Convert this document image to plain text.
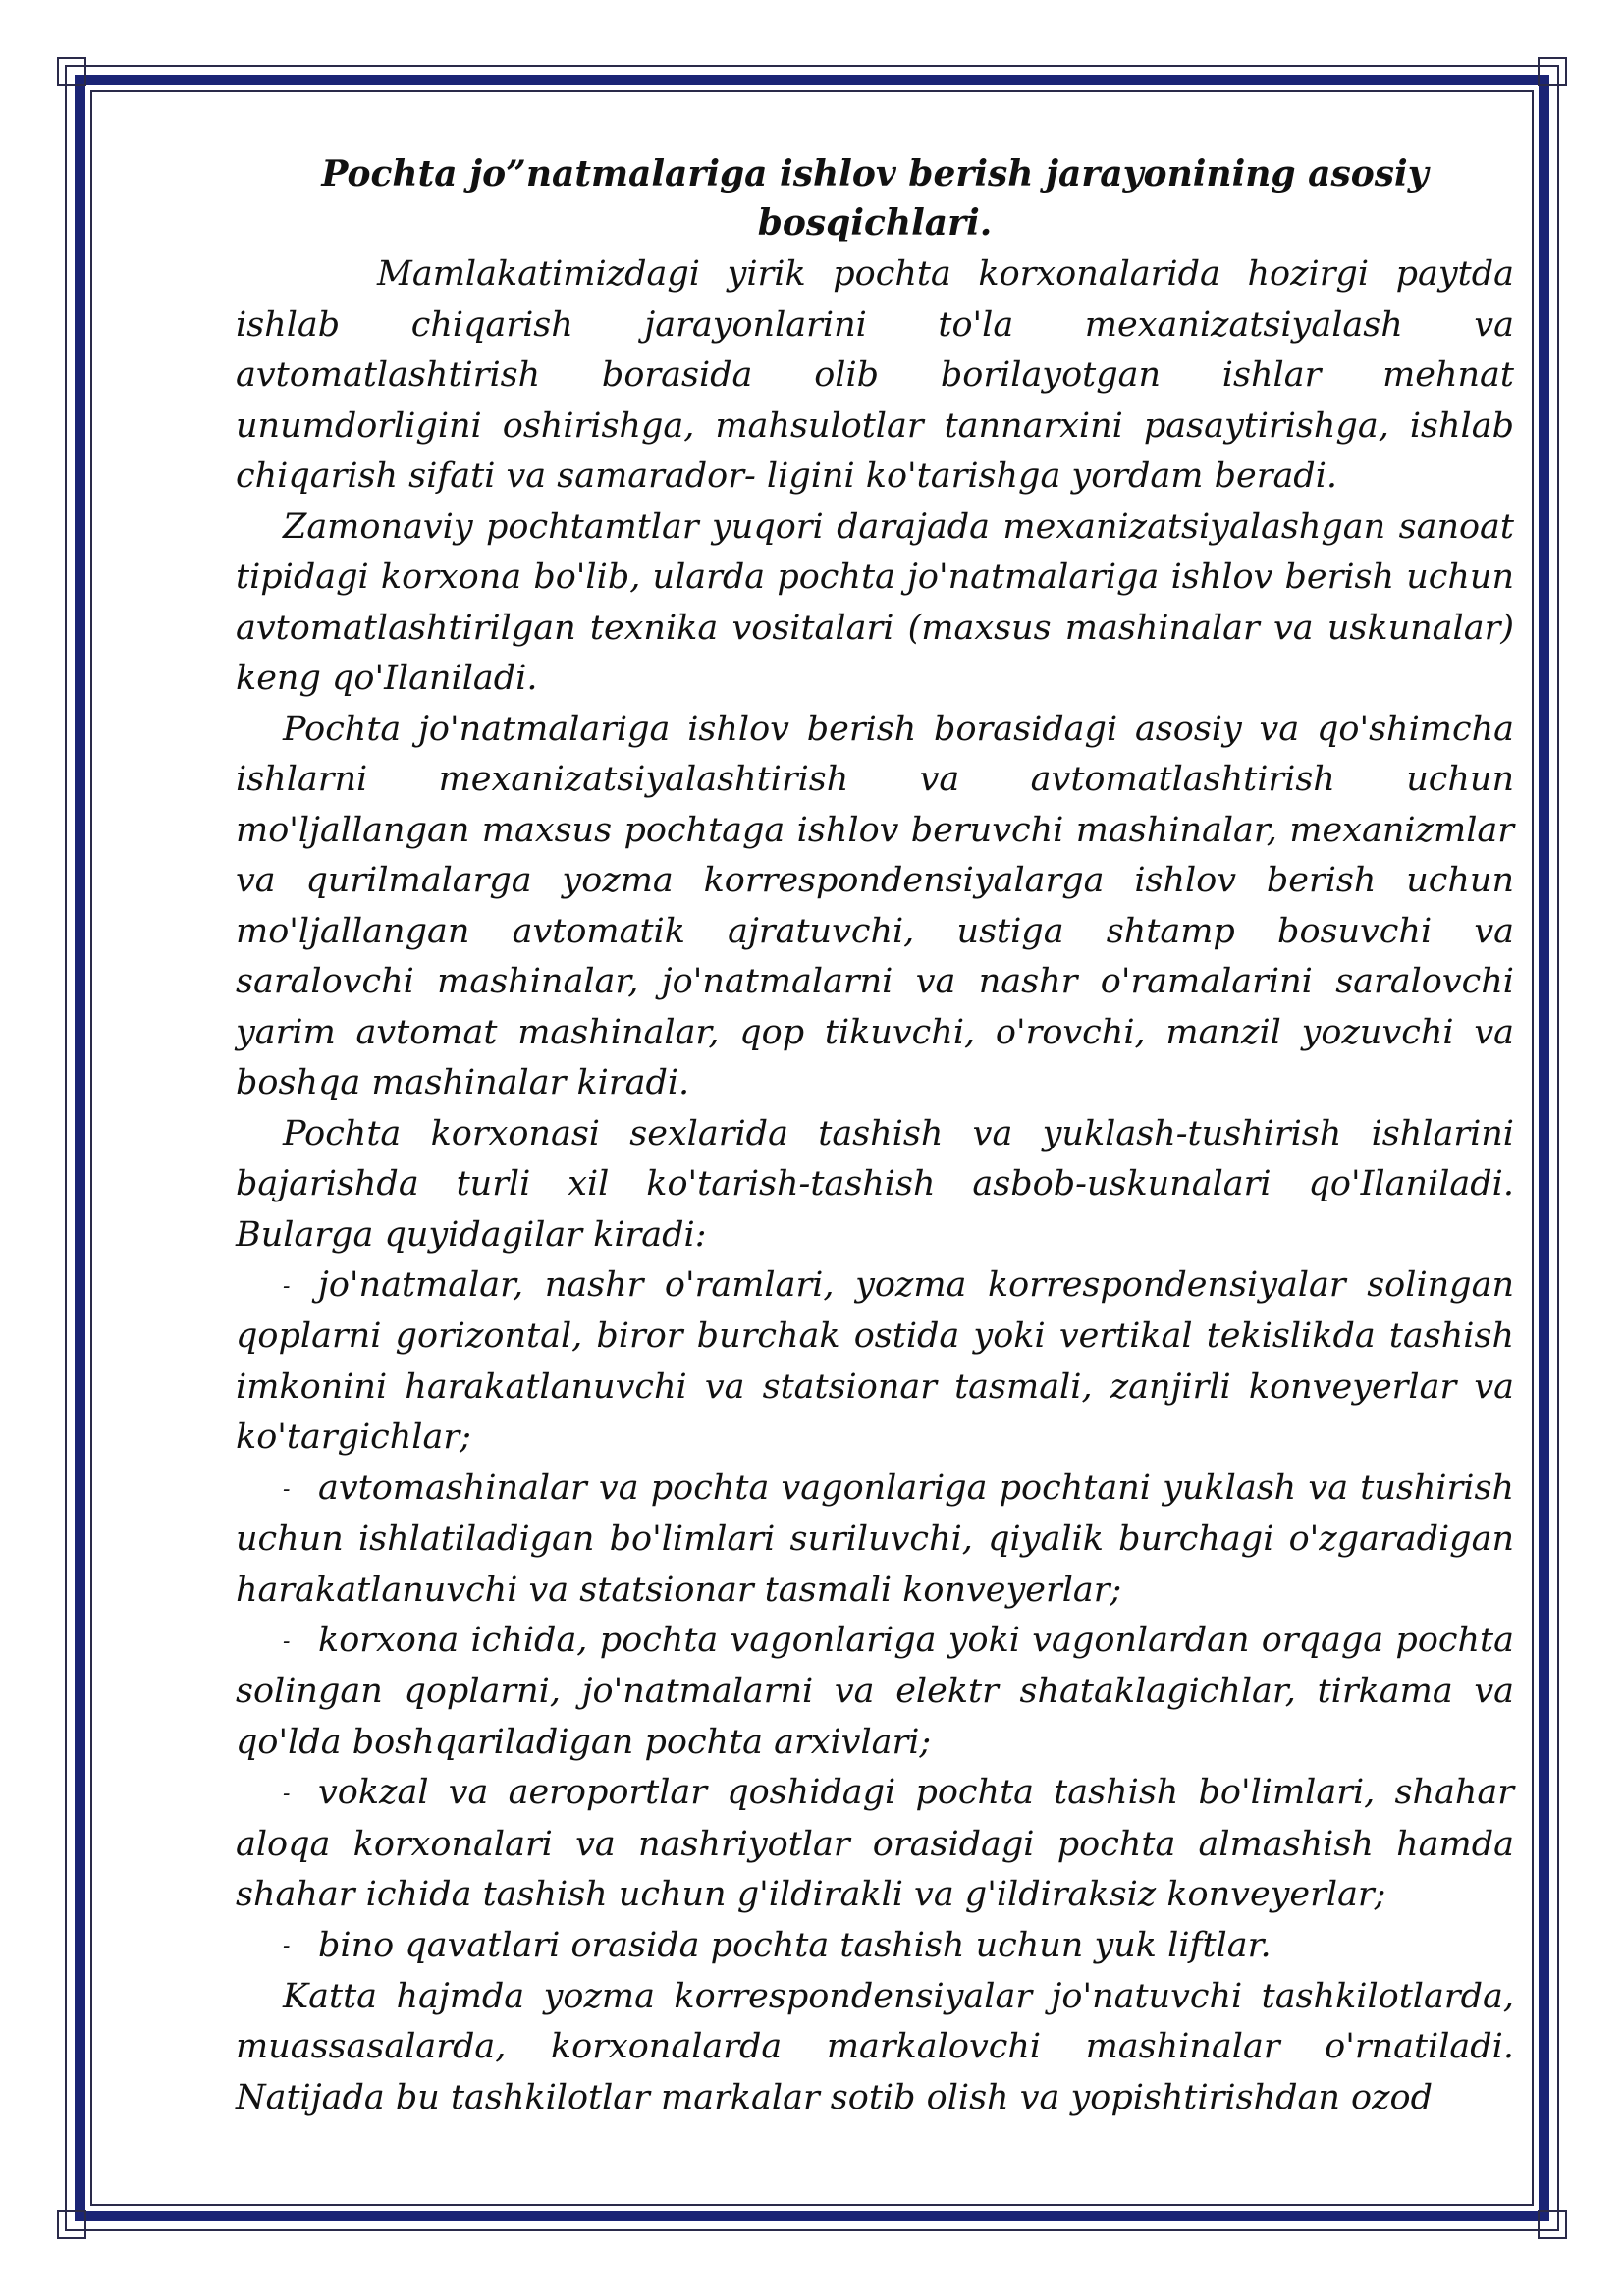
Pochta jo”natmalariga ishlov berish jarayonining asosiy bosqichlari.

Mamlakatimizdagi yirik pochta korxonalarida hozirgi paytda ishlab chiqarish jarayonlarini to'la mexanizatsiyalash va avtomatlashtirish borasida olib borilayotgan ishlar mehnat unumdorligini oshirishga, mahsulotlar tannarxini pasaytirishga, ishlab chiqarish sifati va samarador- ligini ko'tarishga yordam beradi.

Zamonaviy pochtamtlar yuqori darajada mexanizatsiyalashgan sanoat tipidagi korxona bo'lib, ularda pochta jo'natmalariga ishlov berish uchun avtomatlashtirilgan texnika vositalari (maxsus mashinalar va uskunalar) keng qo'Ilaniladi.

Pochta jo'natmalariga ishlov berish borasidagi asosiy va qo'shimcha ishlarni mexanizatsiyalashtirish va avtomatlashtirish uchun mo'ljallangan maxsus pochtaga ishlov beruvchi mashinalar, mexanizmlar va qurilmalarga yozma korrespondensiyalarga ishlov berish uchun mo'ljallangan avtomatik ajratuvchi, ustiga shtamp bosuvchi va saralovchi mashinalar, jo'natmalarni va nashr o'ramalarini saralovchi yarim avtomat mashinalar, qop tikuvchi, o'rovchi, manzil yozuvchi va boshqa mashinalar kiradi.

Pochta korxonasi sexlarida tashish va yuklash-tushirish ishlarini bajarishda turli xil ko'tarish-tashish asbob-uskunalari qo'Ilaniladi. Bularga quyidagilar kiradi:

- jo'natmalar, nashr o'ramlari, yozma korrespondensiyalar solingan qoplarni gorizontal, biror burchak ostida yoki vertikal tekislikda tashish imkonini harakatlanuvchi va statsionar tasmali, zanjirli konveyerlar va ko'targichlar;

- avtomashinalar va pochta vagonlariga pochtani yuklash va tushirish uchun ishlatiladigan bo'limlari suriluvchi, qiyalik burchagi o'zgaradigan harakatlanuvchi va statsionar tasmali konveyerlar;

- korxona ichida, pochta vagonlariga yoki vagonlardan orqaga pochta solingan qoplarni, jo'natmalarni va elektr shataklagichlar, tirkama va qo'lda boshqariladigan pochta arxivlari;

- vokzal va aeroportlar qoshidagi pochta tashish bo'limlari, shahar aloqa korxonalari va nashriyotlar orasidagi pochta almashish hamda shahar ichida tashish uchun g'ildirakli va g'ildiraksiz konveyerlar;

- bino qavatlari orasida pochta tashish uchun yuk liftlar.

Katta hajmda yozma korrespondensiyalar jo'natuvchi tashkilotlarda, muassasalarda, korxonalarda markalovchi mashinalar o'rnatiladi. Natijada bu tashkilotlar markalar sotib olish va yopishtirishdan ozod
